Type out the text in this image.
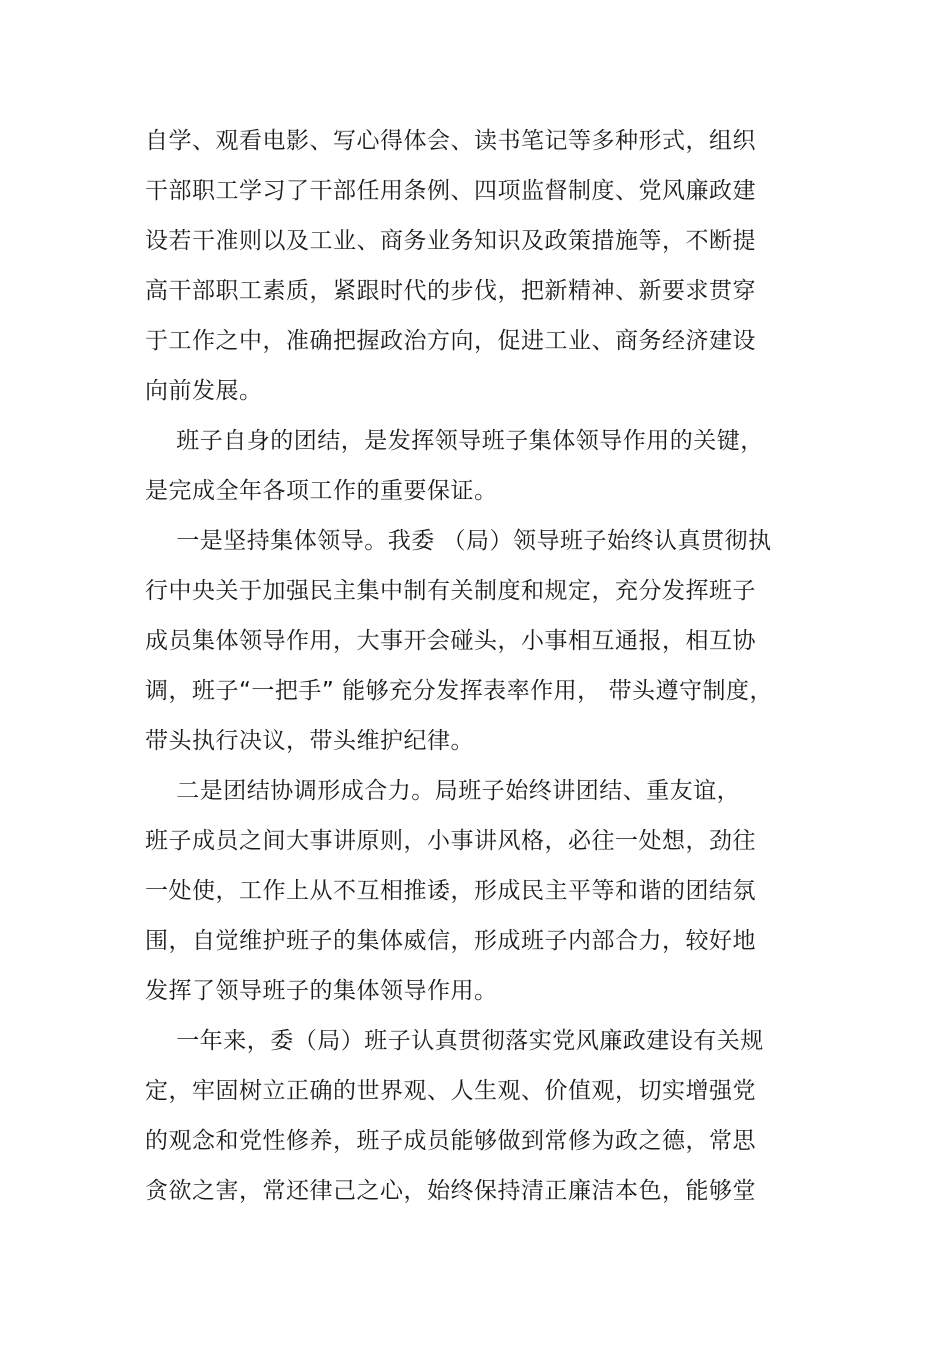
自学、观看电影、写心得体会、读书笔记等多种形式，组织
干部职工学习了干部任用条例、四项监督制度、党风廉政建
设若干准则以及工业、商务业务知识及政策措施等，不断提
高干部职工素质，紧跟时代的步伐，把新精神、新要求贯穿
于工作之中，准确把握政治方向，促进工业、商务经济建设
向前发展。
班子自身的团结，是发挥领导班子集体领导作用的关键，
是完成全年各项工作的重要保证。
一是坚持集体领导。我委 （局）领导班子始终认真贯彻执
行中央关于加强民主集中制有关制度和规定，充分发挥班子
成员集体领导作用，大事开会碰头，小事相互通报，相互协
调，班子“一把手” 能够充分发挥表率作用， 带头遵守制度，
带头执行决议，带头维护纪律。
二是团结协调形成合力。局班子始终讲团结、重友谊，
班子成员之间大事讲原则，小事讲风格，必往一处想，劲往
一处使，工作上从不互相推诿，形成民主平等和谐的团结氛
围，自觉维护班子的集体威信，形成班子内部合力，较好地
发挥了领导班子的集体领导作用。
一年来，委（局）班子认真贯彻落实党风廉政建设有关规
定，牢固树立正确的世界观、人生观、价值观，切实增强党
的观念和党性修养，班子成员能够做到常修为政之德，常思
贪欲之害，常还律己之心，始终保持清正廉洁本色，能够堂
